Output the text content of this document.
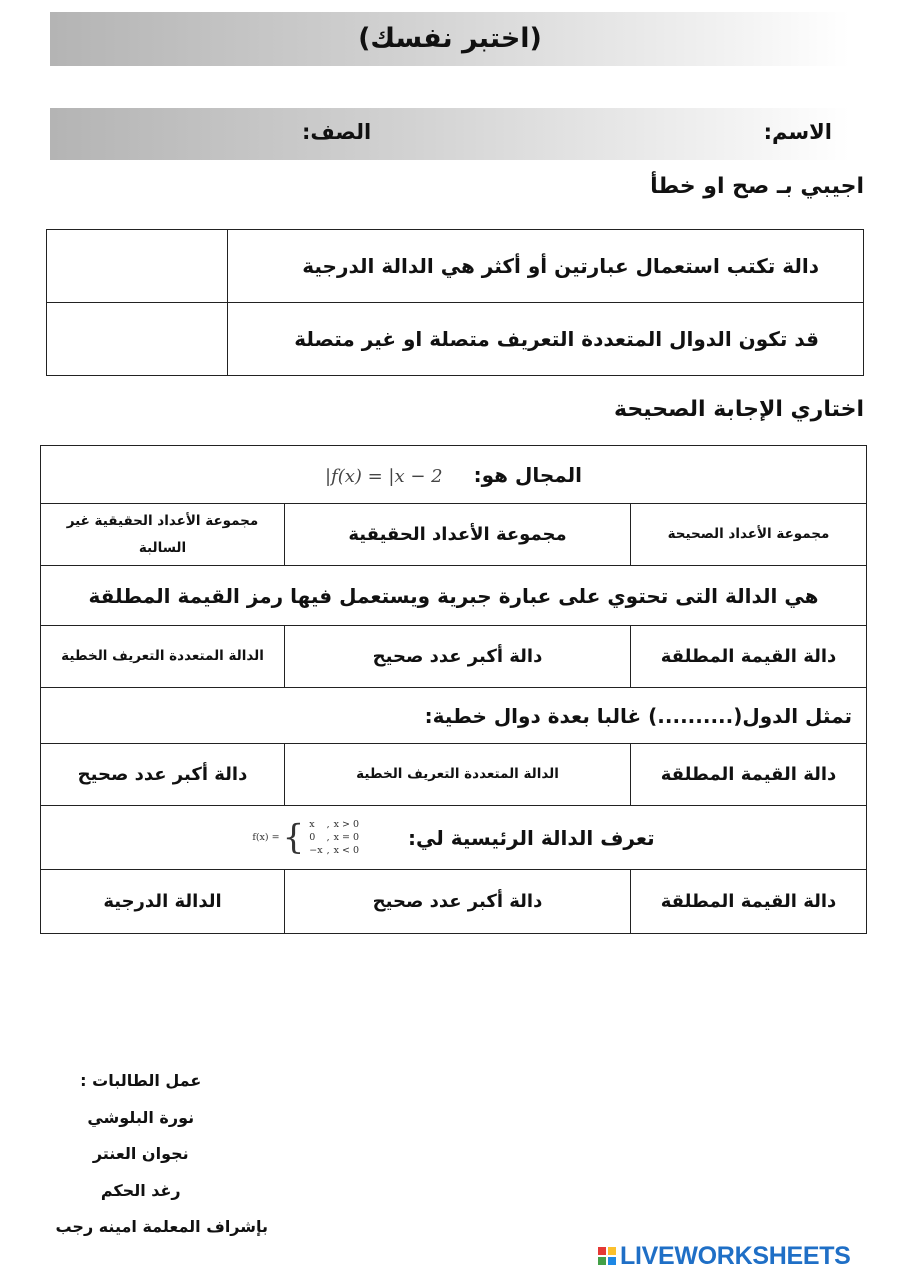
(اختبر نفسك)
الاسم:
الصف:
اجيبي بـ صح او خطأ
دالة تكتب استعمال عبارتين أو أكثر هي الدالة الدرجية	
قد تكون الدوال المتعددة التعريف متصلة او غير متصلة	
اختاري الإجابة الصحيحة
المجال هو: f(x) = |x − 2|
مجموعة الأعداد الصحيحة	مجموعة الأعداد الحقيقية	مجموعة الأعداد الحقيقية غير السالبة
هي الدالة التى تحتوي على عبارة جبرية ويستعمل فيها رمز القيمة المطلقة
دالة القيمة المطلقة	دالة أكبر عدد صحيح	الدالة المتعددة التعريف الخطية
تمثل الدول(..........) غالبا بعدة دوال خطية:
دالة القيمة المطلقة	الدالة المتعددة التعريف الخطية	دالة أكبر عدد صحيح
تعرف الدالة الرئيسية لي: f(x) = { x	,	x > 0
0	,	x = 0
−x	,	x < 0
دالة القيمة المطلقة	دالة أكبر عدد صحيح	الدالة الدرجية
عمل الطالبات :
نورة البلوشي
نجوان العنتر
رغد الحكم
بإشراف المعلمة امينه رجب
LIVEWORKSHEETS
